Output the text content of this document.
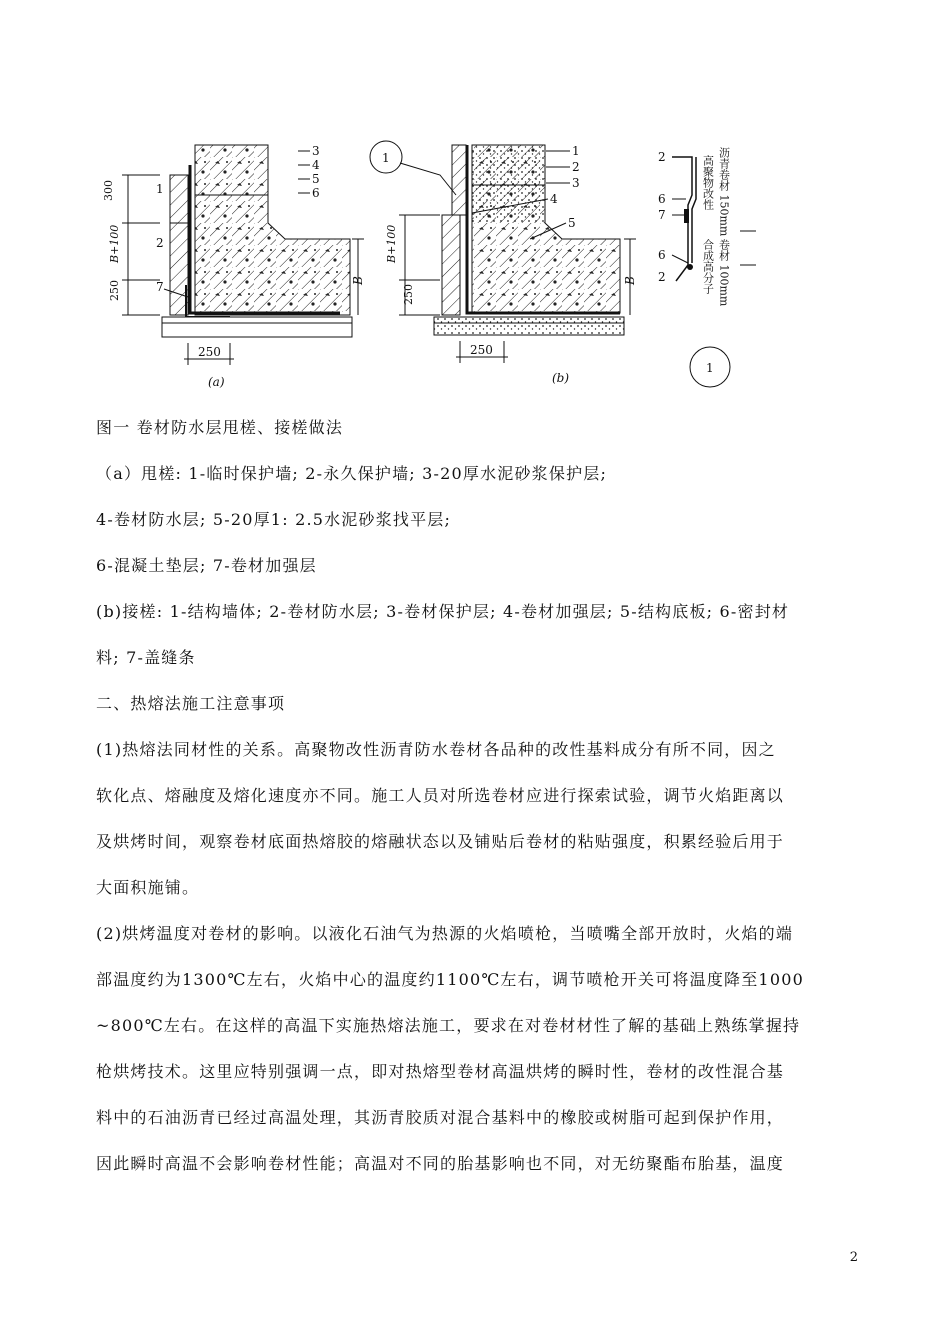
300
B+100
250
3
4
5
6
1
2
7	B
250
(a)
1
B+100
250
1
2
3
4
5
B
250
(b)
2
6
7
6
2
高聚物改性 沥青卷材 150mm
合成高分子 卷材 100mm
1
图一 卷材防水层甩槎、接槎做法
（a）甩槎: 1-临时保护墙; 2-永久保护墙; 3-20厚水泥砂浆保护层;
4-卷材防水层; 5-20厚1: 2.5水泥砂浆找平层;
6-混凝土垫层; 7-卷材加强层
(b)接槎: 1-结构墙体; 2-卷材防水层; 3-卷材保护层; 4-卷材加强层; 5-结构底板; 6-密封材
料; 7-盖缝条
二、热熔法施工注意事项
(1)热熔法同材性的关系。高聚物改性沥青防水卷材各品种的改性基料成分有所不同，因之
软化点、熔融度及熔化速度亦不同。施工人员对所选卷材应进行探索试验，调节火焰距离以
及烘烤时间，观察卷材底面热熔胶的熔融状态以及铺贴后卷材的粘贴强度，积累经验后用于
大面积施铺。
(2)烘烤温度对卷材的影响。以液化石油气为热源的火焰喷枪，当喷嘴全部开放时，火焰的端
部温度约为1300℃左右，火焰中心的温度约1100℃左右，调节喷枪开关可将温度降至1000
~800℃左右。在这样的高温下实施热熔法施工，要求在对卷材材性了解的基础上熟练掌握持
枪烘烤技术。这里应特别强调一点，即对热熔型卷材高温烘烤的瞬时性，卷材的改性混合基
料中的石油沥青已经过高温处理，其沥青胶质对混合基料中的橡胶或树脂可起到保护作用，
因此瞬时高温不会影响卷材性能；高温对不同的胎基影响也不同，对无纺聚酯布胎基，温度
2
